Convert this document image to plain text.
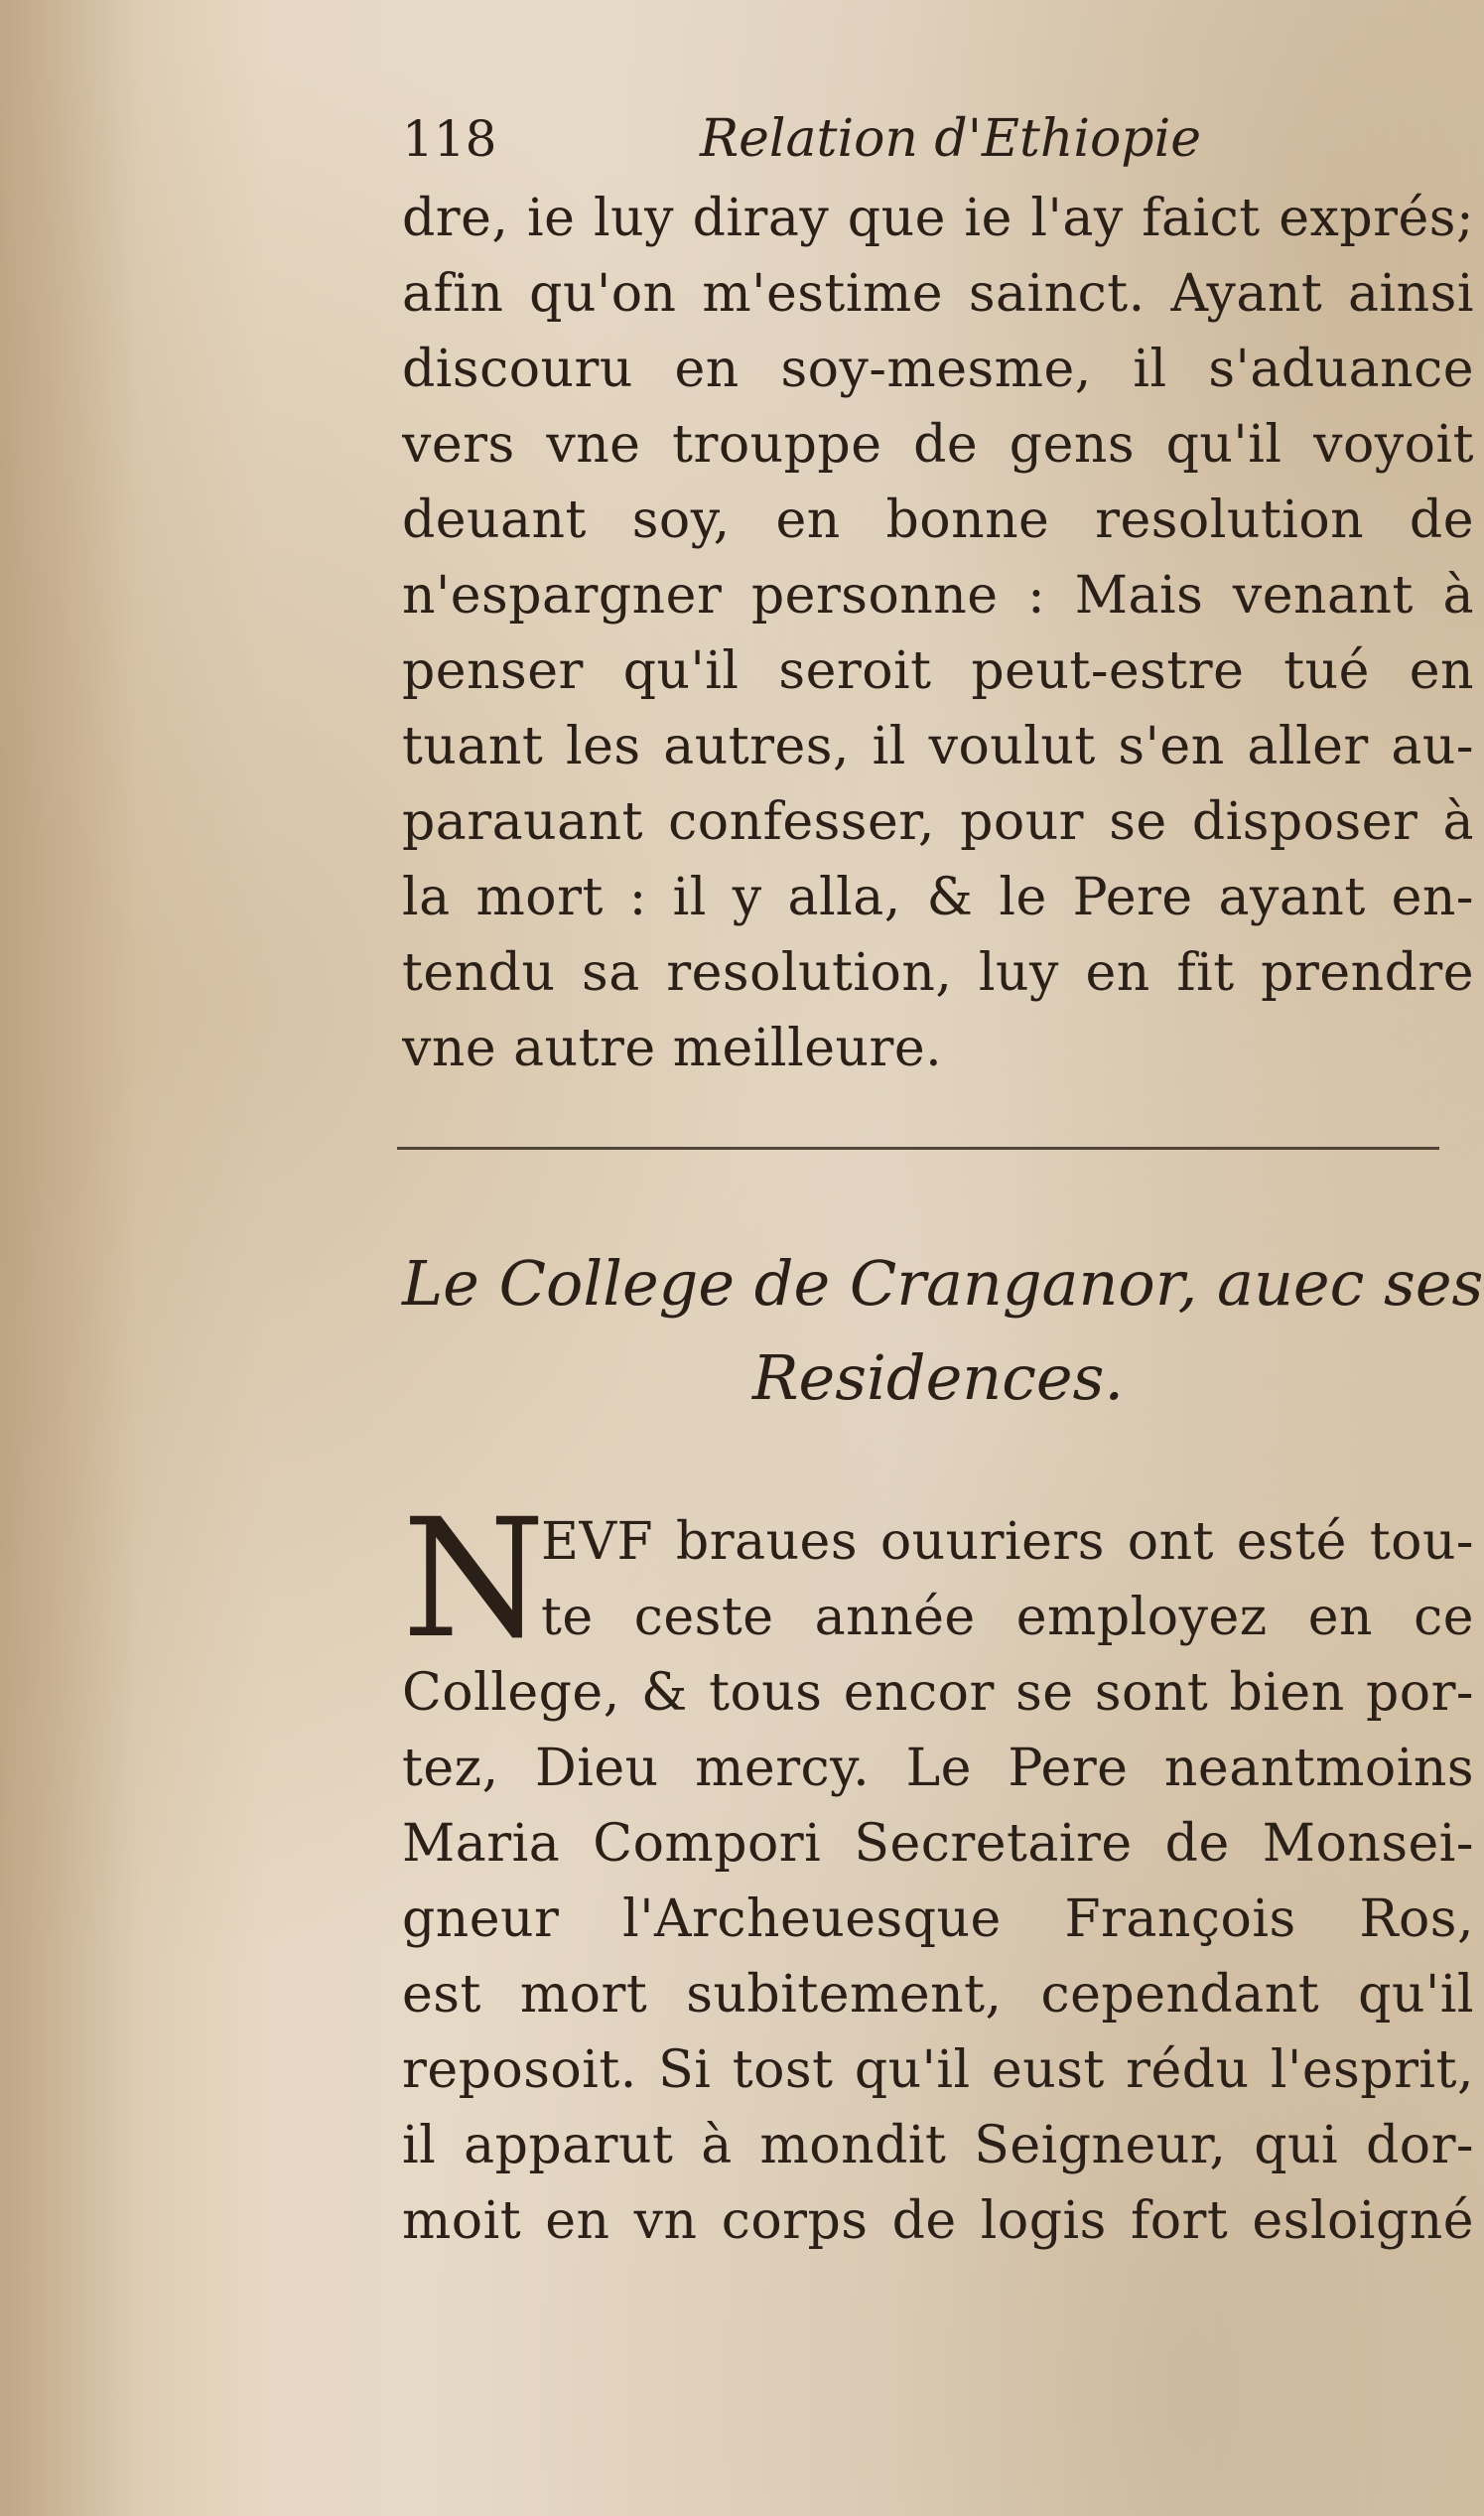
118	Relation d'Ethiopie
dre, ie luy diray que ie l'ay faict exprés;
afin qu'on m'estime sainct. Ayant ainsi
discouru en soy-mesme, il s'aduance
vers vne trouppe de gens qu'il voyoit
deuant soy, en bonne resolution de
n'espargner personne : Mais venant à
penser qu'il seroit peut-estre tué en
tuant les autres, il voulut s'en aller au-
parauant confesser, pour se disposer à
la mort : il y alla, & le Pere ayant en-
tendu sa resolution, luy en fit prendre
vne autre meilleure.
Le College de Cranganor, auec ses
Residences.
N
EVF braues ouuriers ont esté tou-
te ceste année employez en ce
College, & tous encor se sont bien por-
tez, Dieu mercy. Le Pere neantmoins
Maria Compori Secretaire de Monsei-
gneur l'Archeuesque François Ros,
est mort subitement, cependant qu'il
reposoit. Si tost qu'il eust rédu l'esprit,
il apparut à mondit Seigneur, qui dor-
moit en vn corps de logis fort esloigné
